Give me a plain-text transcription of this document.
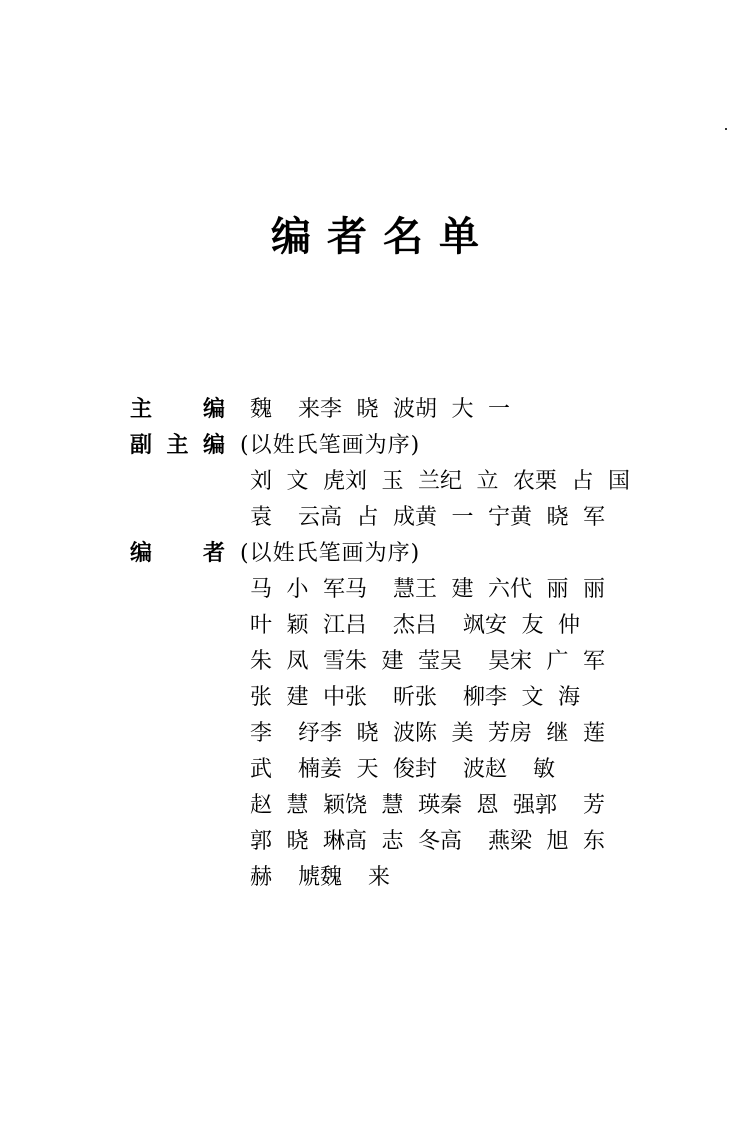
编者名单
主 编 魏 来 李 晓 波 胡 大 一
副 主 编 (以姓氏笔画为序)
刘 文 虎 刘 玉 兰 纪 立 农 栗 占 国
袁 云 高 占 成 黄 一 宁 黄 晓 军
编 者 (以姓氏笔画为序)
马 小 军 马 慧 王 建 六 代 丽 丽
叶 颖 江 吕 杰 吕 飒 安 友 仲
朱 凤 雪 朱 建 莹 吴 昊 宋 广 军
张 建 中 张 昕 张 柳 李 文 海
李 纾 李 晓 波 陈 美 芳 房 继 莲
武 楠 姜 天 俊 封 波 赵 敏
赵 慧 颖 饶 慧 瑛 秦 恩 强 郭 芳
郭 晓 琳 高 志 冬 高 燕 梁 旭 东
赫 虓 魏 来
